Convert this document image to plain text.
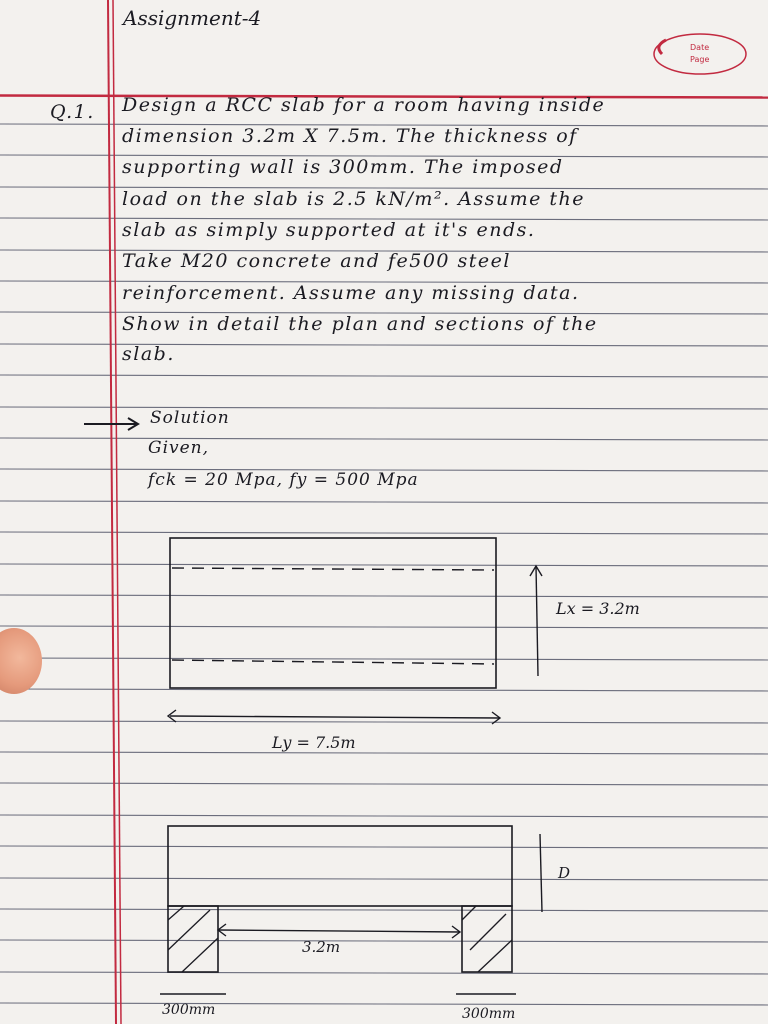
Date
Page
Assignment-4
Q.1. Design a RCC slab for a room having inside
dimension 3.2m X 7.5m. The thickness of
supporting wall is 300mm. The imposed
load on the slab is 2.5 kN/m². Assume the
slab as simply supported at it's ends.
Take M20 concrete and fe500 steel
reinforcement. Assume any missing data.
Show in detail the plan and sections of the
slab.
Solution
Given,
fck = 20 Mpa, fy = 500 Mpa
Lx = 3.2m
Ly = 7.5m
3.2m
D
300mm	300mm
